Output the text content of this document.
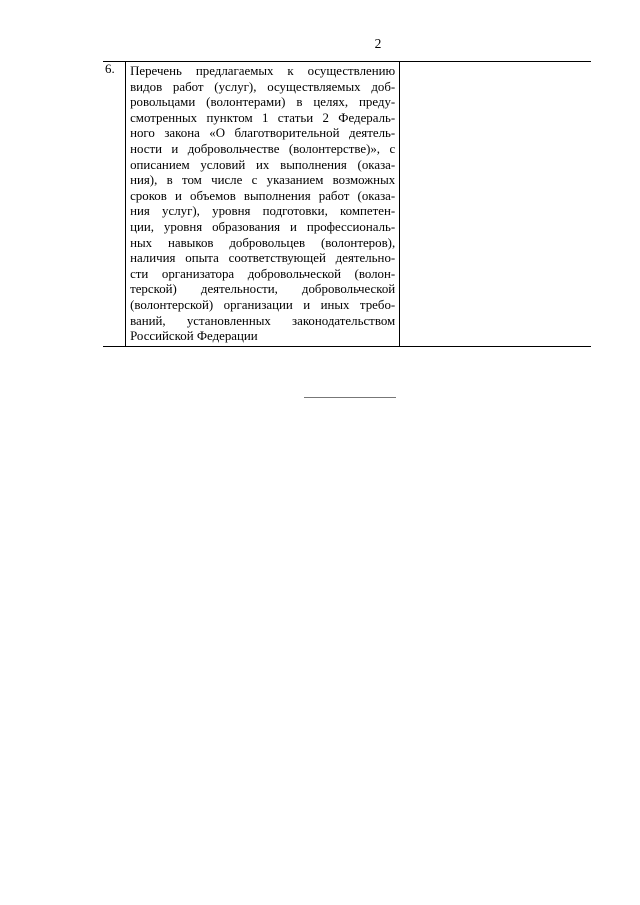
2
6.	Перечень предлагаемых к осуществлению
видов работ (услуг), осуществляемых доб-
ровольцами (волонтерами) в целях, преду-
смотренных пунктом 1 статьи 2 Федераль-
ного закона «О благотворительной деятель-
ности и добровольчестве (волонтерстве)», с
описанием условий их выполнения (оказа-
ния), в том числе с указанием возможных
сроков и объемов выполнения работ (оказа-
ния услуг), уровня подготовки, компетен-
ции, уровня образования и профессиональ-
ных навыков добровольцев (волонтеров),
наличия опыта соответствующей деятельно-
сти организатора добровольческой (волон-
терской) деятельности, добровольческой
(волонтерской) организации и иных требо-
ваний, установленных законодательством
Российской Федерации
